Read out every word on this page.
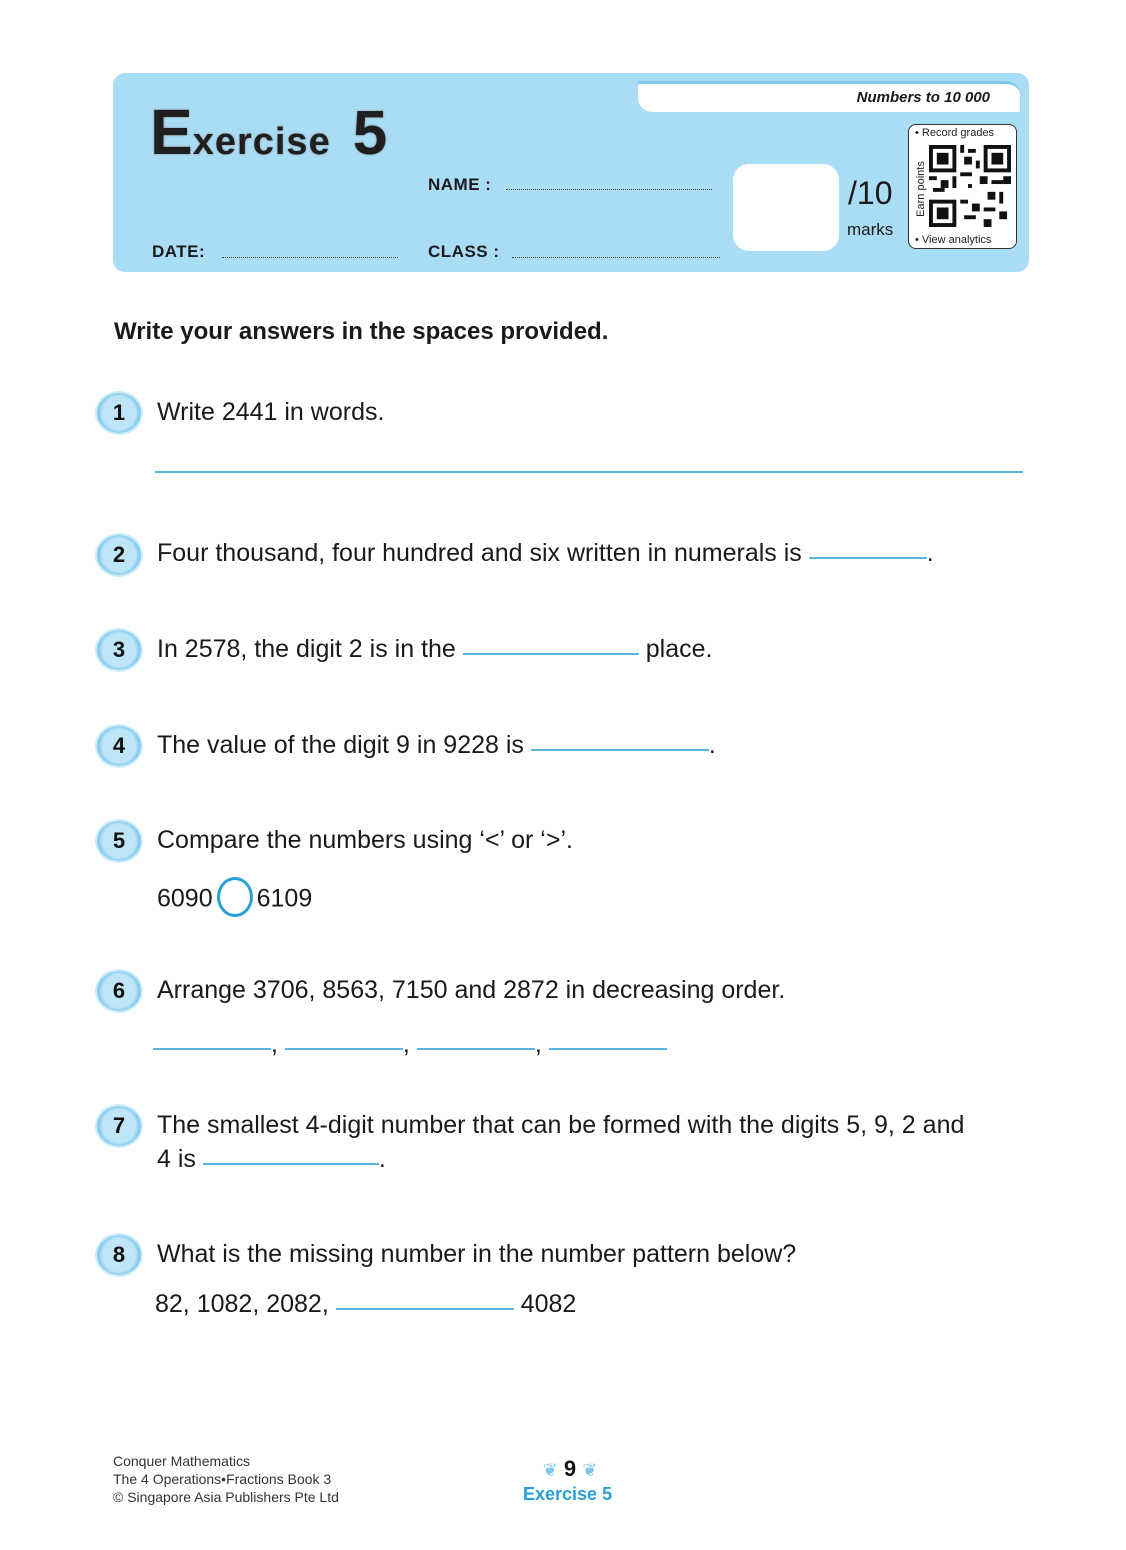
Numbers to 10 000
Exercise 5
NAME :
DATE:	CLASS :
/10
marks
• Record grades
Earn points
• View analytics
Write your answers in the spaces provided.
1	Write 2441 in words.
2	Four thousand, four hundred and six written in numerals is	.
3	In 2578, the digit 2 is in the	place.
4	The value of the digit 9 in 9228 is	.
5	Compare the numbers using ‘<’ or ‘>’.
6090 6109
6	Arrange 3706, 8563, 7150 and 2872 in decreasing order.
,	,	,
7	The smallest 4-digit number that can be formed with the digits 5, 9, 2 and
4 is	.
8	What is the missing number in the number pattern below?
82, 1082, 2082,	4082
Conquer Mathematics
The 4 Operations•Fractions Book 3
© Singapore Asia Publishers Pte Ltd
❦ 9 ❦
Exercise 5
